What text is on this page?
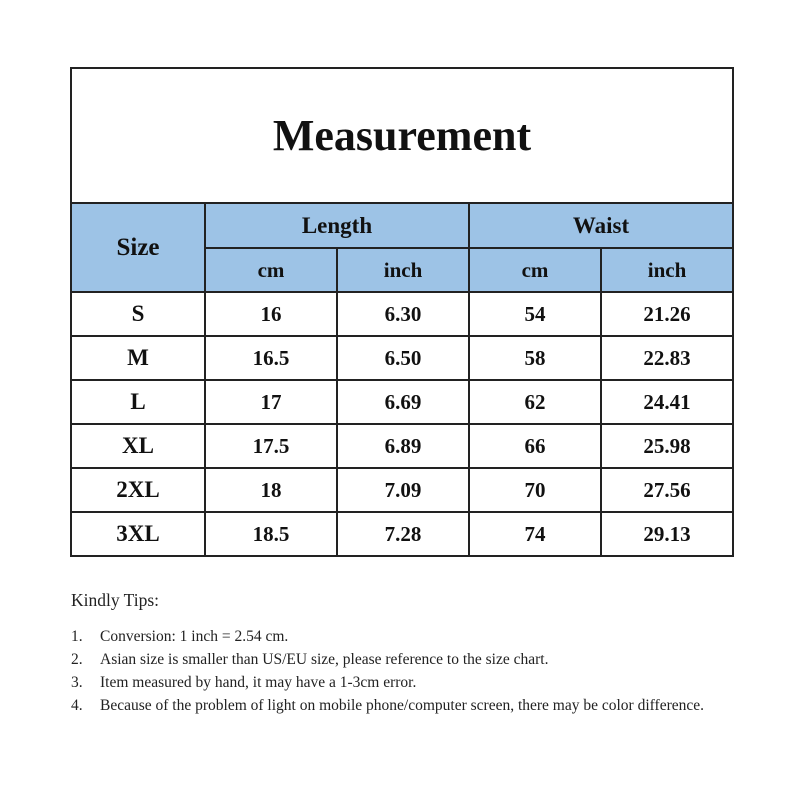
Measurement				
Size	Length		Waist	
	cm	inch	cm	inch
S	16	6.30	54	21.26
M	16.5	6.50	58	22.83
L	17	6.69	62	24.41
XL	17.5	6.89	66	25.98
2XL	18	7.09	70	27.56
3XL	18.5	7.28	74	29.13
Kindly Tips:
1.	Conversion: 1 inch = 2.54 cm.
2.	Asian size is smaller than US/EU size, please reference to the size chart.
3.	Item measured by hand, it may have a 1-3cm error.
4.	Because of the problem of light on mobile phone/computer screen, there may be color difference.
